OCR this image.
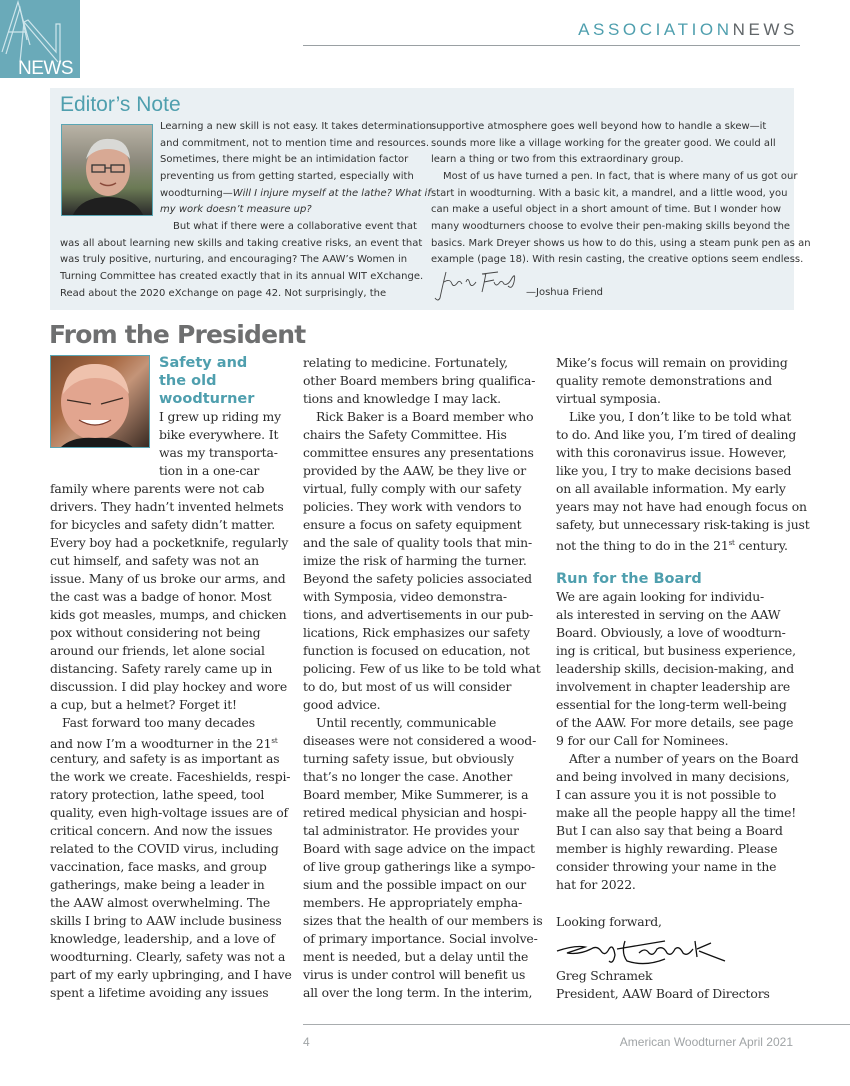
NEWS
ASSOCIATIONNEWS
Editor’s Note
Learning a new skill is not easy. It takes determination
and commitment, not to mention time and resources.
Sometimes, there might be an intimidation factor
preventing us from getting started, especially with
woodturning—Will I injure myself at the lathe? What if
my work doesn’t measure up?
But what if there were a collaborative event that
was all about learning new skills and taking creative risks, an event that
was truly positive, nurturing, and encouraging? The AAW’s Women in
Turning Committee has created exactly that in its annual WIT eXchange.
Read about the 2020 eXchange on page 42. Not surprisingly, the
supportive atmosphere goes well beyond how to handle a skew—it
sounds more like a village working for the greater good. We could all
learn a thing or two from this extraordinary group.
Most of us have turned a pen. In fact, that is where many of us got our
start in woodturning. With a basic kit, a mandrel, and a little wood, you
can make a useful object in a short amount of time. But I wonder how
many woodturners choose to evolve their pen-making skills beyond the
basics. Mark Dreyer shows us how to do this, using a steam punk pen as an
example (page 18). With resin casting, the creative options seem endless.
—Joshua Friend
From the President
Safety and
the old
woodturner
I grew up riding my
bike everywhere. It
was my transporta-
tion in a one-car
family where parents were not cab
drivers. They hadn’t invented helmets
for bicycles and safety didn’t matter.
Every boy had a pocketknife, regularly
cut himself, and safety was not an
issue. Many of us broke our arms, and
the cast was a badge of honor. Most
kids got measles, mumps, and chicken
pox without considering not being
around our friends, let alone social
distancing. Safety rarely came up in
discussion. I did play hockey and wore
a cup, but a helmet? Forget it!
Fast forward too many decades
and now I’m a woodturner in the 21st
century, and safety is as important as
the work we create. Faceshields, respi-
ratory protection, lathe speed, tool
quality, even high-voltage issues are of
critical concern. And now the issues
related to the COVID virus, including
vaccination, face masks, and group
gatherings, make being a leader in
the AAW almost overwhelming. The
skills I bring to AAW include business
knowledge, leadership, and a love of
woodturning. Clearly, safety was not a
part of my early upbringing, and I have
spent a lifetime avoiding any issues
relating to medicine. Fortunately,
other Board members bring qualifica-
tions and knowledge I may lack.
Rick Baker is a Board member who
chairs the Safety Committee. His
committee ensures any presentations
provided by the AAW, be they live or
virtual, fully comply with our safety
policies. They work with vendors to
ensure a focus on safety equipment
and the sale of quality tools that min-
imize the risk of harming the turner.
Beyond the safety policies associated
with Symposia, video demonstra-
tions, and advertisements in our pub-
lications, Rick emphasizes our safety
function is focused on education, not
policing. Few of us like to be told what
to do, but most of us will consider
good advice.
Until recently, communicable
diseases were not considered a wood-
turning safety issue, but obviously
that’s no longer the case. Another
Board member, Mike Summerer, is a
retired medical physician and hospi-
tal administrator. He provides your
Board with sage advice on the impact
of live group gatherings like a sympo-
sium and the possible impact on our
members. He appropriately empha-
sizes that the health of our members is
of primary importance. Social involve-
ment is needed, but a delay until the
virus is under control will benefit us
all over the long term. In the interim,
Mike’s focus will remain on providing
quality remote demonstrations and
virtual symposia.
Like you, I don’t like to be told what
to do. And like you, I’m tired of dealing
with this coronavirus issue. However,
like you, I try to make decisions based
on all available information. My early
years may not have had enough focus on
safety, but unnecessary risk-taking is just
not the thing to do in the 21st century.
Run for the Board
We are again looking for individu-
als interested in serving on the AAW
Board. Obviously, a love of woodturn-
ing is critical, but business experience,
leadership skills, decision-making, and
involvement in chapter leadership are
essential for the long-term well-being
of the AAW. For more details, see page
9 for our Call for Nominees.
After a number of years on the Board
and being involved in many decisions,
I can assure you it is not possible to
make all the people happy all the time!
But I can also say that being a Board
member is highly rewarding. Please
consider throwing your name in the
hat for 2022.
Looking forward,
Greg Schramek
President, AAW Board of Directors
4	American Woodturner April 2021
